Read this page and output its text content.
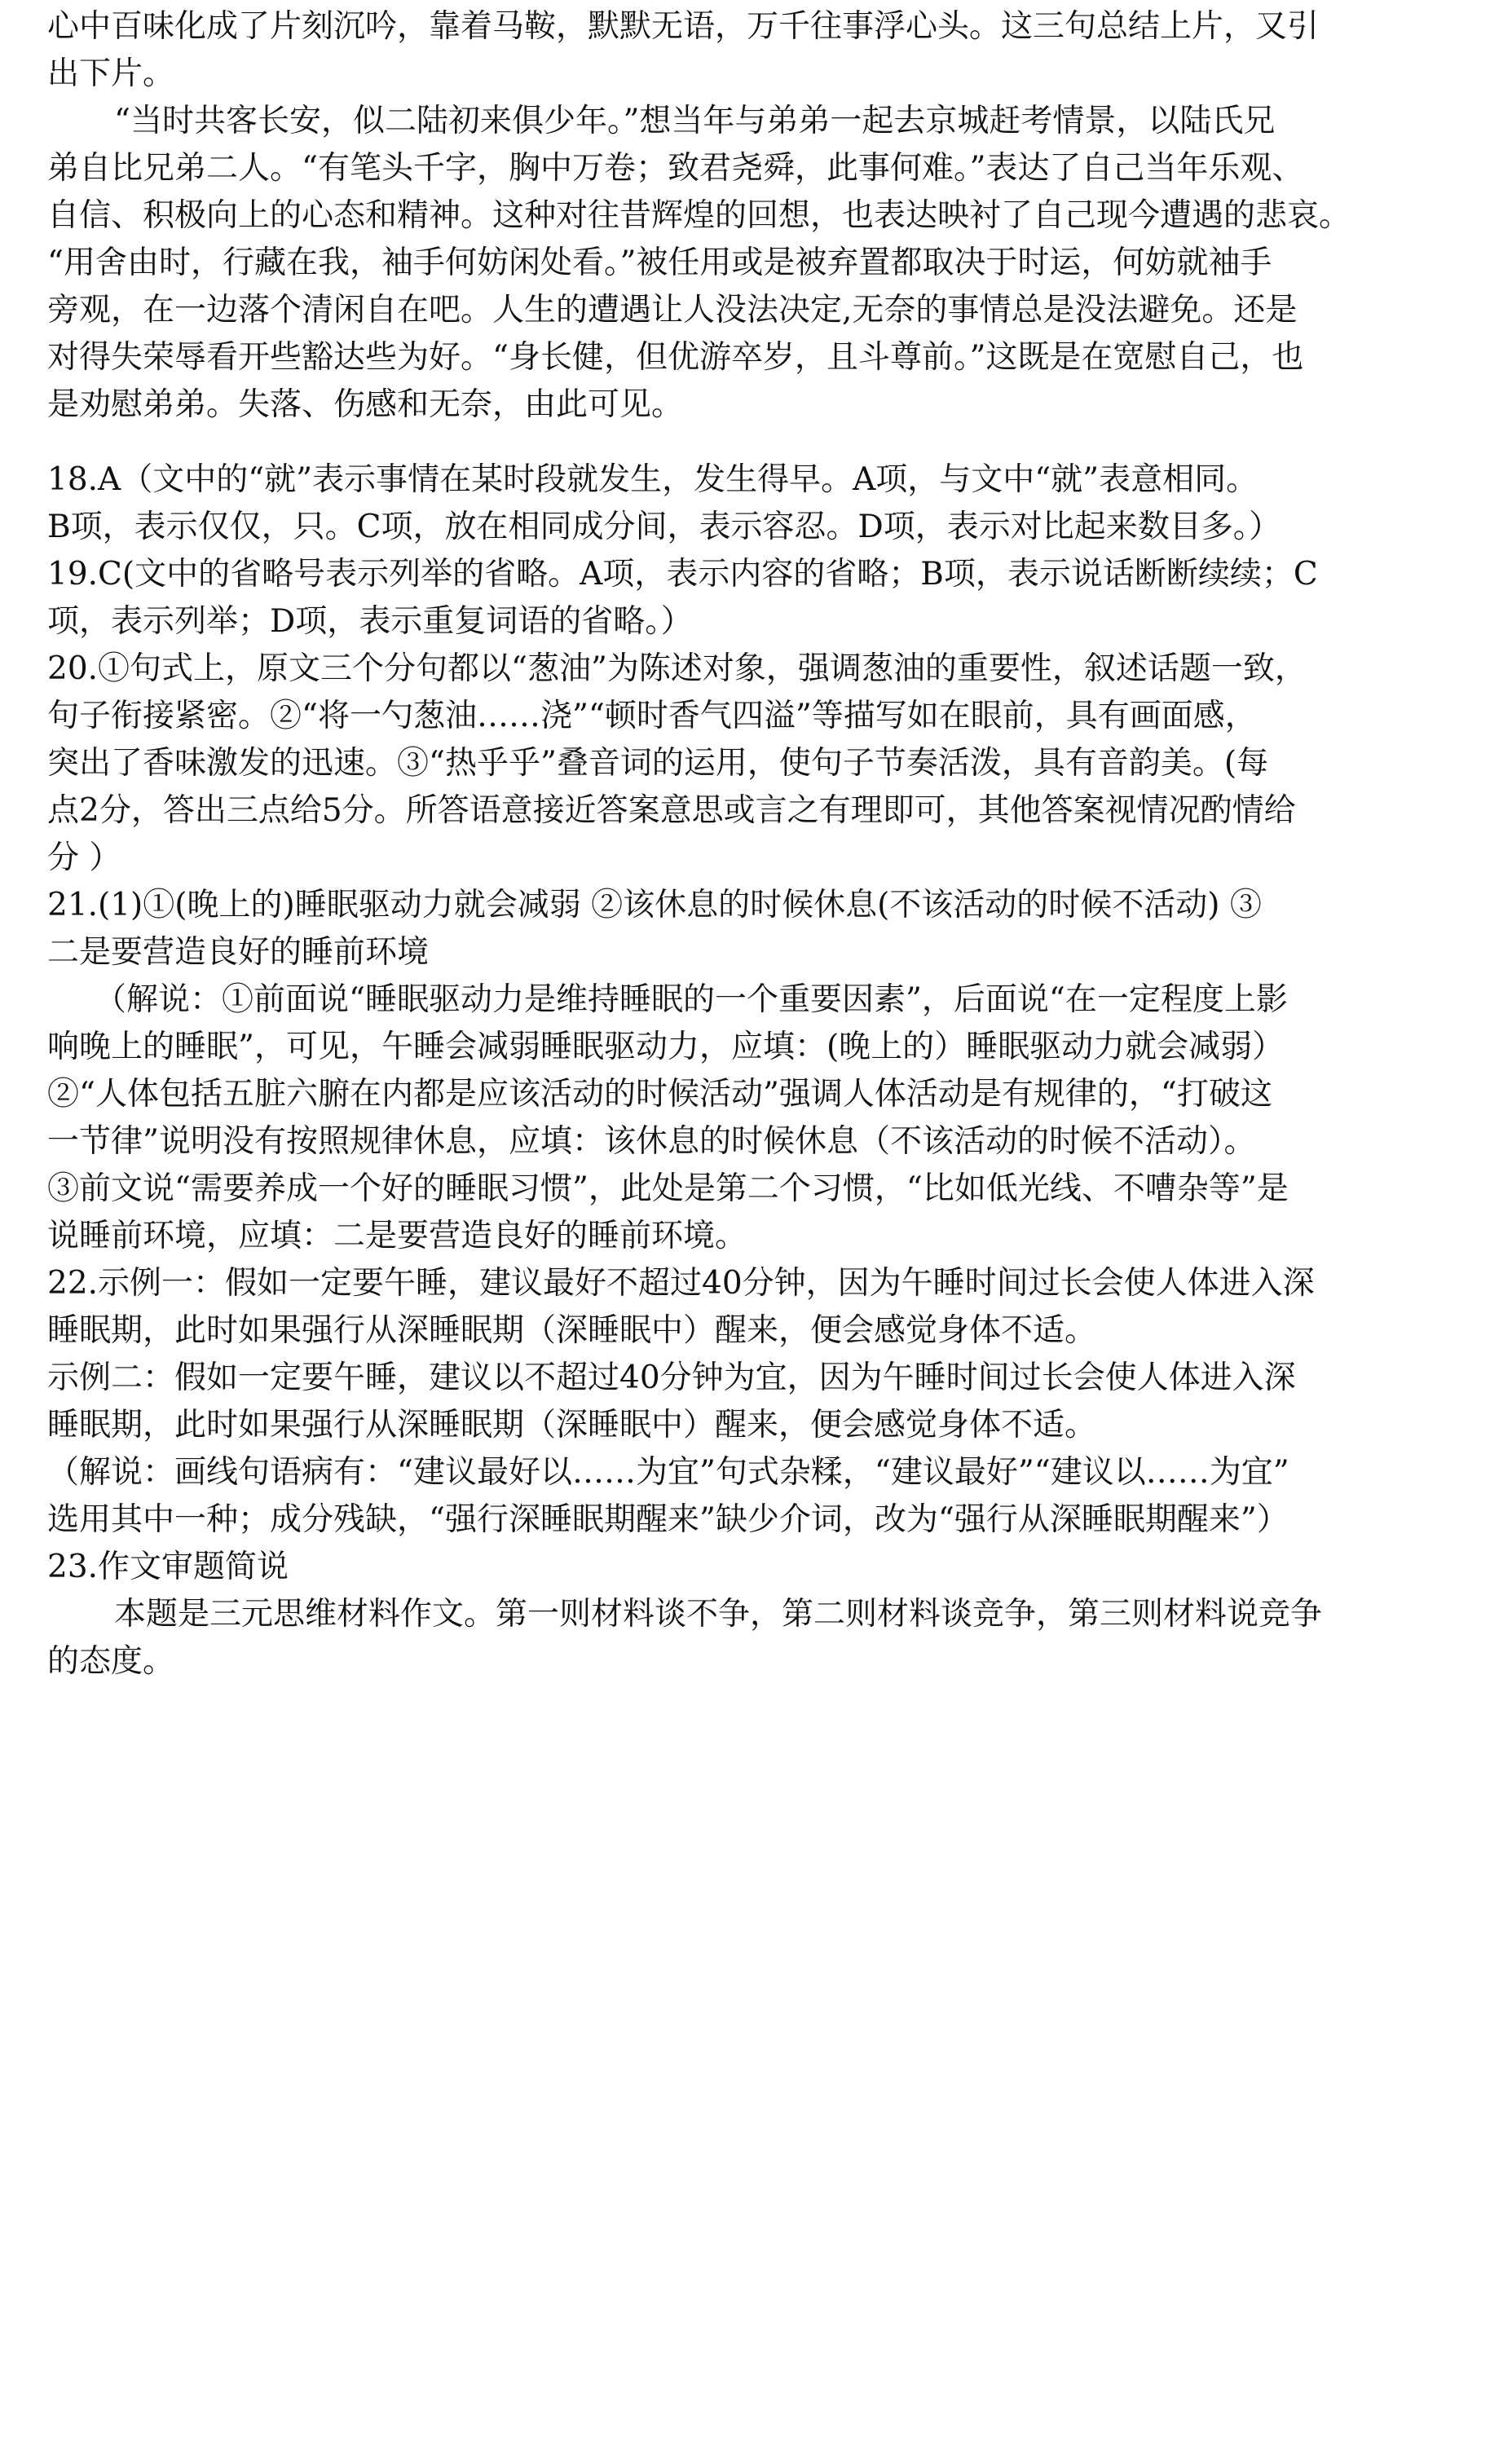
心中百味化成了片刻沉吟，靠着马鞍，默默无语，万千往事浮心头。这三句总结上片，又引
出下片。
“当时共客长安，似二陆初来俱少年。”想当年与弟弟一起去京城赶考情景，以陆氏兄
弟自比兄弟二人。“有笔头千字，胸中万卷；致君尧舜，此事何难。”表达了自己当年乐观、
自信、积极向上的心态和精神。这种对往昔辉煌的回想，也表达映衬了自己现今遭遇的悲哀。
“用舍由时，行藏在我，袖手何妨闲处看。”被任用或是被弃置都取决于时运，何妨就袖手
旁观，在一边落个清闲自在吧。人生的遭遇让人没法决定,无奈的事情总是没法避免。还是
对得失荣辱看开些豁达些为好。“身长健，但优游卒岁，且斗尊前。”这既是在宽慰自己，也
是劝慰弟弟。失落、伤感和无奈，由此可见。
18.A（文中的“就”表示事情在某时段就发生，发生得早。A项，与文中“就”表意相同。
B项，表示仅仅，只。C项，放在相同成分间，表示容忍。D项，表示对比起来数目多。）
19.C(文中的省略号表示列举的省略。A项，表示内容的省略；B项，表示说话断断续续；C
项，表示列举；D项，表示重复词语的省略。）
20.①句式上，原文三个分句都以“葱油”为陈述对象，强调葱油的重要性，叙述话题一致，
句子衔接紧密。②“将一勺葱油……浇”“顿时香气四溢”等描写如在眼前，具有画面感，
突出了香味激发的迅速。③“热乎乎”叠音词的运用，使句子节奏活泼，具有音韵美。(每
点2分，答出三点给5分。所答语意接近答案意思或言之有理即可，其他答案视情况酌情给
分 ）
21.(1)①(晚上的)睡眠驱动力就会减弱 ②该休息的时候休息(不该活动的时候不活动) ③
二是要营造良好的睡前环境
（解说：①前面说“睡眠驱动力是维持睡眠的一个重要因素”，后面说“在一定程度上影
响晚上的睡眠”，可见，午睡会减弱睡眠驱动力，应填：(晚上的）睡眠驱动力就会减弱）
②“人体包括五脏六腑在内都是应该活动的时候活动”强调人体活动是有规律的，“打破这
一节律”说明没有按照规律休息，应填：该休息的时候休息（不该活动的时候不活动）。
③前文说“需要养成一个好的睡眠习惯”，此处是第二个习惯，“比如低光线、不嘈杂等”是
说睡前环境，应填：二是要营造良好的睡前环境。
22.示例一：假如一定要午睡，建议最好不超过40分钟，因为午睡时间过长会使人体进入深
睡眠期，此时如果强行从深睡眠期（深睡眠中）醒来，便会感觉身体不适。
示例二：假如一定要午睡，建议以不超过40分钟为宜，因为午睡时间过长会使人体进入深
睡眠期，此时如果强行从深睡眠期（深睡眠中）醒来，便会感觉身体不适。
（解说：画线句语病有：“建议最好以……为宜”句式杂糅，“建议最好”“建议以……为宜”
选用其中一种；成分残缺，“强行深睡眠期醒来”缺少介词，改为“强行从深睡眠期醒来”）
23.作文审题简说
本题是三元思维材料作文。第一则材料谈不争，第二则材料谈竞争，第三则材料说竞争
的态度。
